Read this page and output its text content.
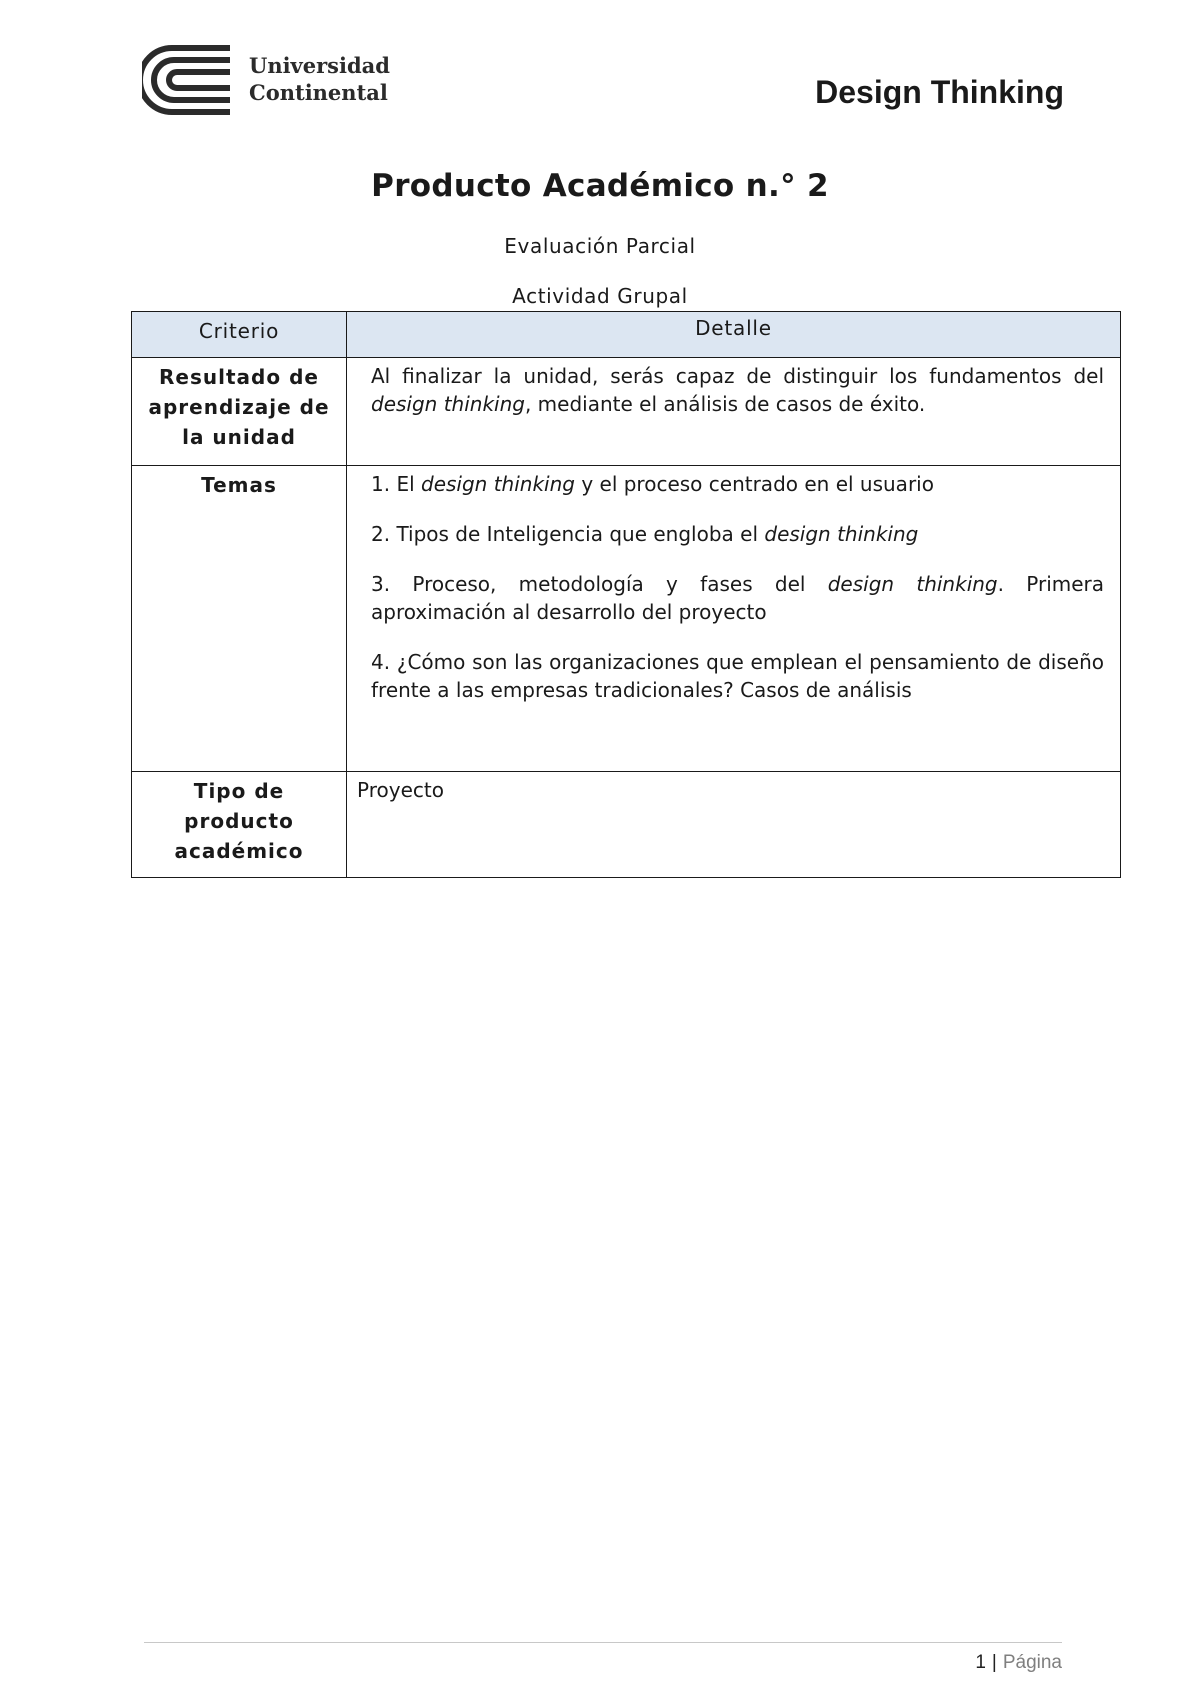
Universidad
Continental	Design Thinking
Producto Académico n.° 2
Evaluación Parcial
Actividad Grupal
Criterio	Detalle
Resultado de aprendizaje de la unidad	Al finalizar la unidad, serás capaz de distinguir los fundamentos del design thinking, mediante el análisis de casos de éxito.

Temas	1. El design thinking y el proceso centrado en el usuario

2. Tipos de Inteligencia que engloba el design thinking

3. Proceso, metodología y fases del design thinking. Primera aproximación al desarrollo del proyecto

4. ¿Cómo son las organizaciones que emplean el pensamiento de diseño frente a las empresas tradicionales? Casos de análisis

Tipo de producto académico	Proyecto
1 | Página
